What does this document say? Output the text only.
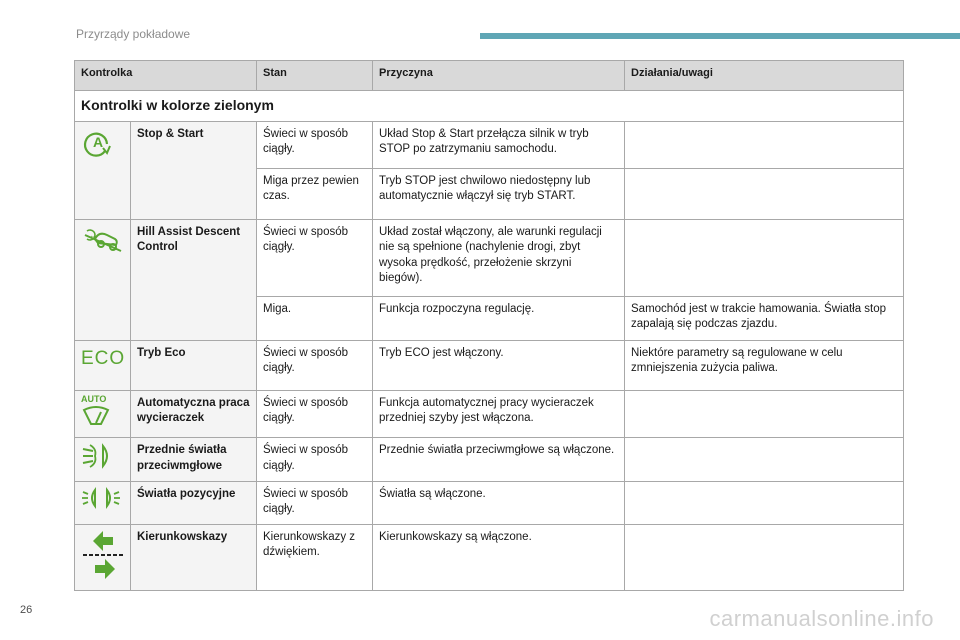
Przyrządy pokładowe
Kontrolka		Stan	Przyczyna	Działania/uwagi
Kontrolki w kolorze zielonym				

A	Stop & Start	Świeci w sposób ciągły.	Układ Stop & Start przełącza silnik w tryb STOP po zatrzymaniu samochodu.	
		Miga przez pewien czas.	Tryb STOP jest chwilowo niedostępny lub automatycznie włączył się tryb START.	

↔	Hill Assist Descent Control	Świeci w sposób ciągły.	Układ został włączony, ale warunki regulacji nie są spełnione (nachylenie drogi, zbyt wysoka prędkość, przełożenie skrzyni biegów).	
		Miga.	Funkcja rozpoczyna regulację.	Samochód jest w trakcie hamowania. Światła stop zapalają się podczas zjazdu.
ECO	Tryb Eco	Świeci w sposób ciągły.	Tryb ECO jest włączony.	Niektóre parametry są regulowane w celu zmniejszenia zużycia paliwa.

AUTO	Automatyczna praca wycieraczek	Świeci w sposób ciągły.	Funkcja automatycznej pracy wycieraczek przedniej szyby jest włączona.	
	Przednie światła przeciwmgłowe	Świeci w sposób ciągły.	Przednie światła przeciwmgłowe są włączone.	
	Światła pozycyjne	Świeci w sposób ciągły.	Światła są włączone.	
	Kierunkowskazy	Kierunkowskazy z dźwiękiem.	Kierunkowskazy są włączone.	
26	carmanualsonline.info
